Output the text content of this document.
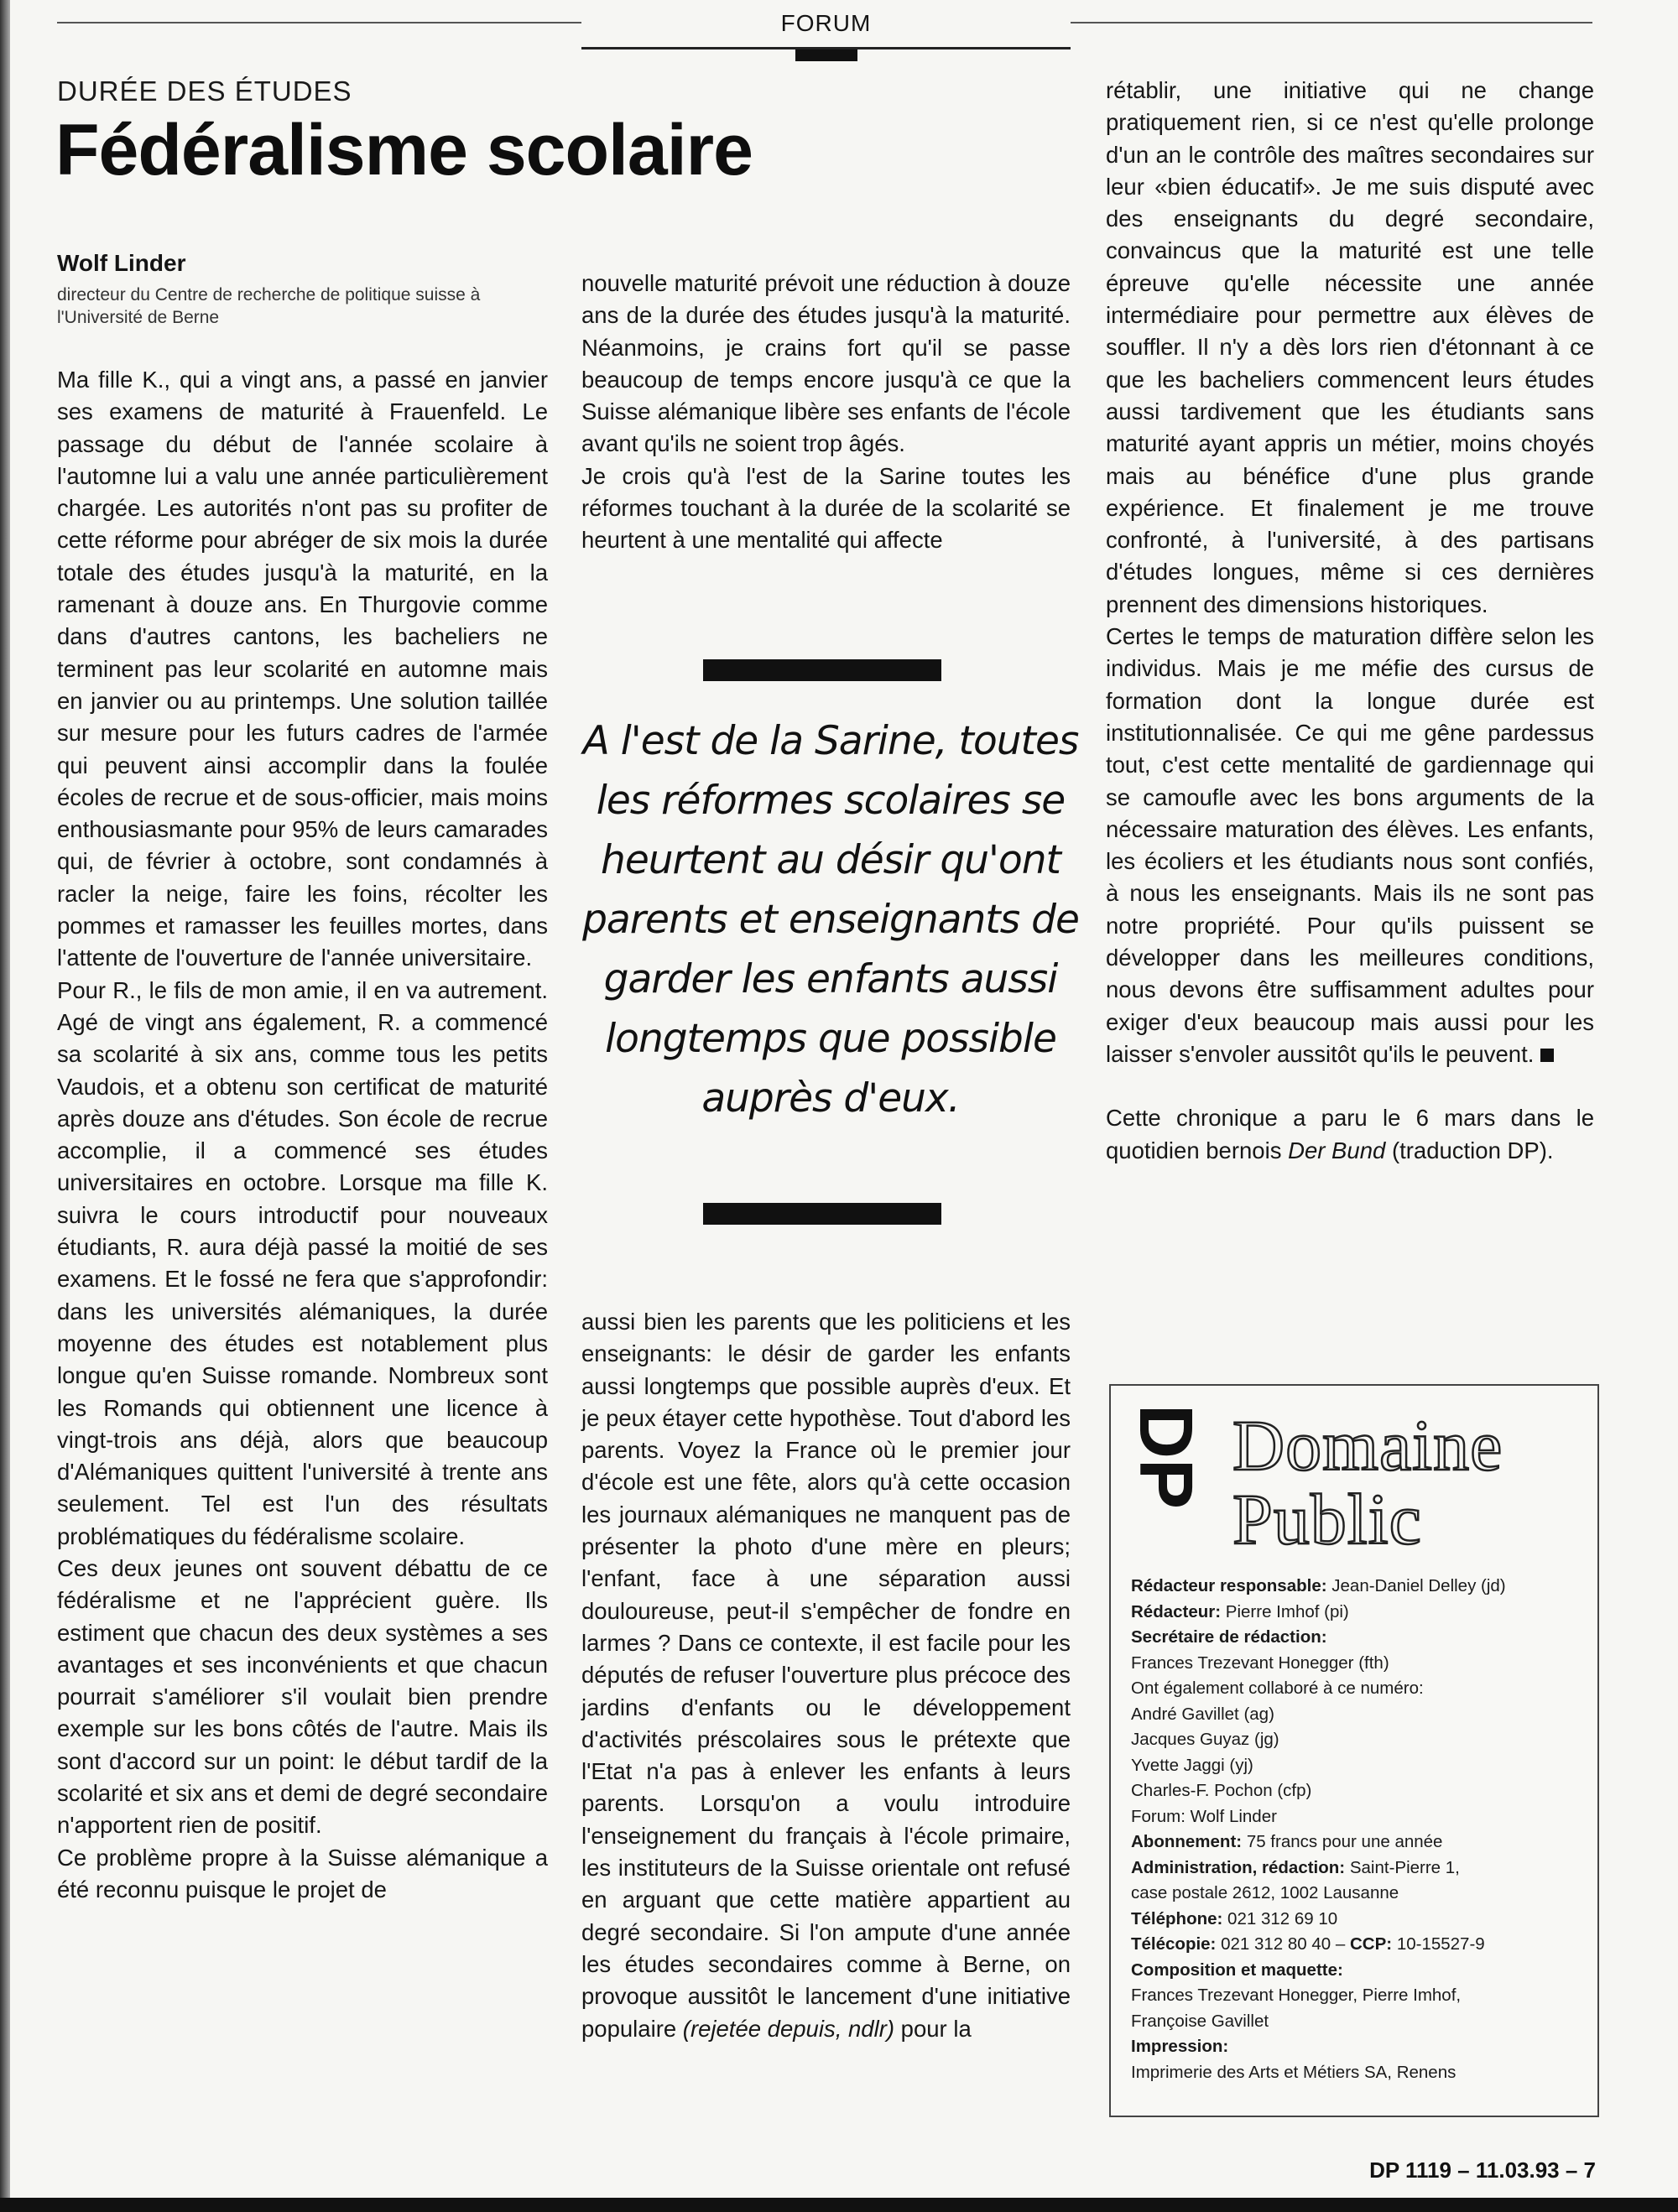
FORUM
DURÉE DES ÉTUDES
Fédéralisme scolaire
Wolf Linder
directeur du Centre de recherche de politique suisse à l'Université de Berne

Ma fille K., qui a vingt ans, a passé en janvier ses examens de maturité à Frauenfeld. Le passage du début de l'année scolaire à l'automne lui a valu une année particulièrement chargée. Les autorités n'ont pas su profiter de cette réforme pour abréger de six mois la durée totale des études jusqu'à la maturité, en la ramenant à douze ans. En Thurgovie comme dans d'autres cantons, les bacheliers ne terminent pas leur scolarité en automne mais en janvier ou au printemps. Une solution taillée sur mesure pour les futurs cadres de l'armée qui peuvent ainsi accomplir dans la foulée écoles de recrue et de sous-officier, mais moins enthousiasmante pour 95% de leurs camarades qui, de février à octobre, sont condamnés à racler la neige, faire les foins, récolter les pommes et ramasser les feuilles mortes, dans l'attente de l'ouverture de l'année universitaire.

Pour R., le fils de mon amie, il en va autrement. Agé de vingt ans également, R. a commencé sa scolarité à six ans, comme tous les petits Vaudois, et a obtenu son certificat de maturité après douze ans d'études. Son école de recrue accomplie, il a commencé ses études universitaires en octobre. Lorsque ma fille K. suivra le cours introductif pour nouveaux étudiants, R. aura déjà passé la moitié de ses examens. Et le fossé ne fera que s'approfondir: dans les universités alémaniques, la durée moyenne des études est notablement plus longue qu'en Suisse romande. Nombreux sont les Romands qui obtiennent une licence à vingt-trois ans déjà, alors que beaucoup d'Alémaniques quittent l'université à trente ans seulement. Tel est l'un des résultats problématiques du fédéralisme scolaire.

Ces deux jeunes ont souvent débattu de ce fédéralisme et ne l'apprécient guère. Ils estiment que chacun des deux systèmes a ses avantages et ses inconvénients et que chacun pourrait s'améliorer s'il voulait bien prendre exemple sur les bons côtés de l'autre. Mais ils sont d'accord sur un point: le début tardif de la scolarité et six ans et demi de degré secondaire n'apportent rien de positif.

Ce problème propre à la Suisse alémanique a été reconnu puisque le projet de

nouvelle maturité prévoit une réduction à douze ans de la durée des études jusqu'à la maturité. Néanmoins, je crains fort qu'il se passe beaucoup de temps encore jusqu'à ce que la Suisse alémanique libère ses enfants de l'école avant qu'ils ne soient trop âgés.

Je crois qu'à l'est de la Sarine toutes les réformes touchant à la durée de la scolarité se heurtent à une mentalité qui affecte

A l'est de la Sarine, toutes les réformes scolaires se heurtent au désir qu'ont parents et enseignants de garder les enfants aussi longtemps que possible auprès d'eux.

aussi bien les parents que les politiciens et les enseignants: le désir de garder les enfants aussi longtemps que possible auprès d'eux. Et je peux étayer cette hypothèse. Tout d'abord les parents. Voyez la France où le premier jour d'école est une fête, alors qu'à cette occasion les journaux alémaniques ne manquent pas de présenter la photo d'une mère en pleurs; l'enfant, face à une séparation aussi douloureuse, peut-il s'empêcher de fondre en larmes ? Dans ce contexte, il est facile pour les députés de refuser l'ouverture plus précoce des jardins d'enfants ou le développement d'activités préscolaires sous le prétexte que l'Etat n'a pas à enlever les enfants à leurs parents. Lorsqu'on a voulu introduire l'enseignement du français à l'école primaire, les instituteurs de la Suisse orientale ont refusé en arguant que cette matière appartient au degré secondaire. Si l'on ampute d'une année les études secondaires comme à Berne, on provoque aussitôt le lancement d'une initiative populaire (rejetée depuis, ndlr) pour la

rétablir, une initiative qui ne change pratiquement rien, si ce n'est qu'elle prolonge d'un an le contrôle des maîtres secondaires sur leur «bien éducatif». Je me suis disputé avec des enseignants du degré secondaire, convaincus que la maturité est une telle épreuve qu'elle nécessite une année intermédiaire pour permettre aux élèves de souffler. Il n'y a dès lors rien d'étonnant à ce que les bacheliers commencent leurs études aussi tardivement que les étudiants sans maturité ayant appris un métier, moins choyés mais au bénéfice d'une plus grande expérience. Et finalement je me trouve confronté, à l'université, à des partisans d'études longues, même si ces dernières prennent des dimensions historiques.

Certes le temps de maturation diffère selon les individus. Mais je me méfie des cursus de formation dont la longue durée est institutionnalisée. Ce qui me gêne pardessus tout, c'est cette mentalité de gardiennage qui se camoufle avec les bons arguments de la nécessaire maturation des élèves. Les enfants, les écoliers et les étudiants nous sont confiés, à nous les enseignants. Mais ils ne sont pas notre propriété. Pour qu'ils puissent se développer dans les meilleures conditions, nous devons être suffisamment adultes pour exiger d'eux beaucoup mais aussi pour les laisser s'envoler aussitôt qu'ils le peuvent.

Cette chronique a paru le 6 mars dans le quotidien bernois Der Bund (traduction DP).

DP Domaine
Public
Rédacteur responsable: Jean-Daniel Delley (jd)
Rédacteur: Pierre Imhof (pi)
Secrétaire de rédaction:
Frances Trezevant Honegger (fth)
Ont également collaboré à ce numéro:
André Gavillet (ag)
Jacques Guyaz (jg)
Yvette Jaggi (yj)
Charles-F. Pochon (cfp)
Forum: Wolf Linder
Abonnement: 75 francs pour une année
Administration, rédaction: Saint-Pierre 1,
case postale 2612, 1002 Lausanne
Téléphone: 021 312 69 10
Télécopie: 021 312 80 40 – CCP: 10-15527-9
Composition et maquette:
Frances Trezevant Honegger, Pierre Imhof,
Françoise Gavillet
Impression:
Imprimerie des Arts et Métiers SA, Renens
DP 1119 – 11.03.93 – 7
